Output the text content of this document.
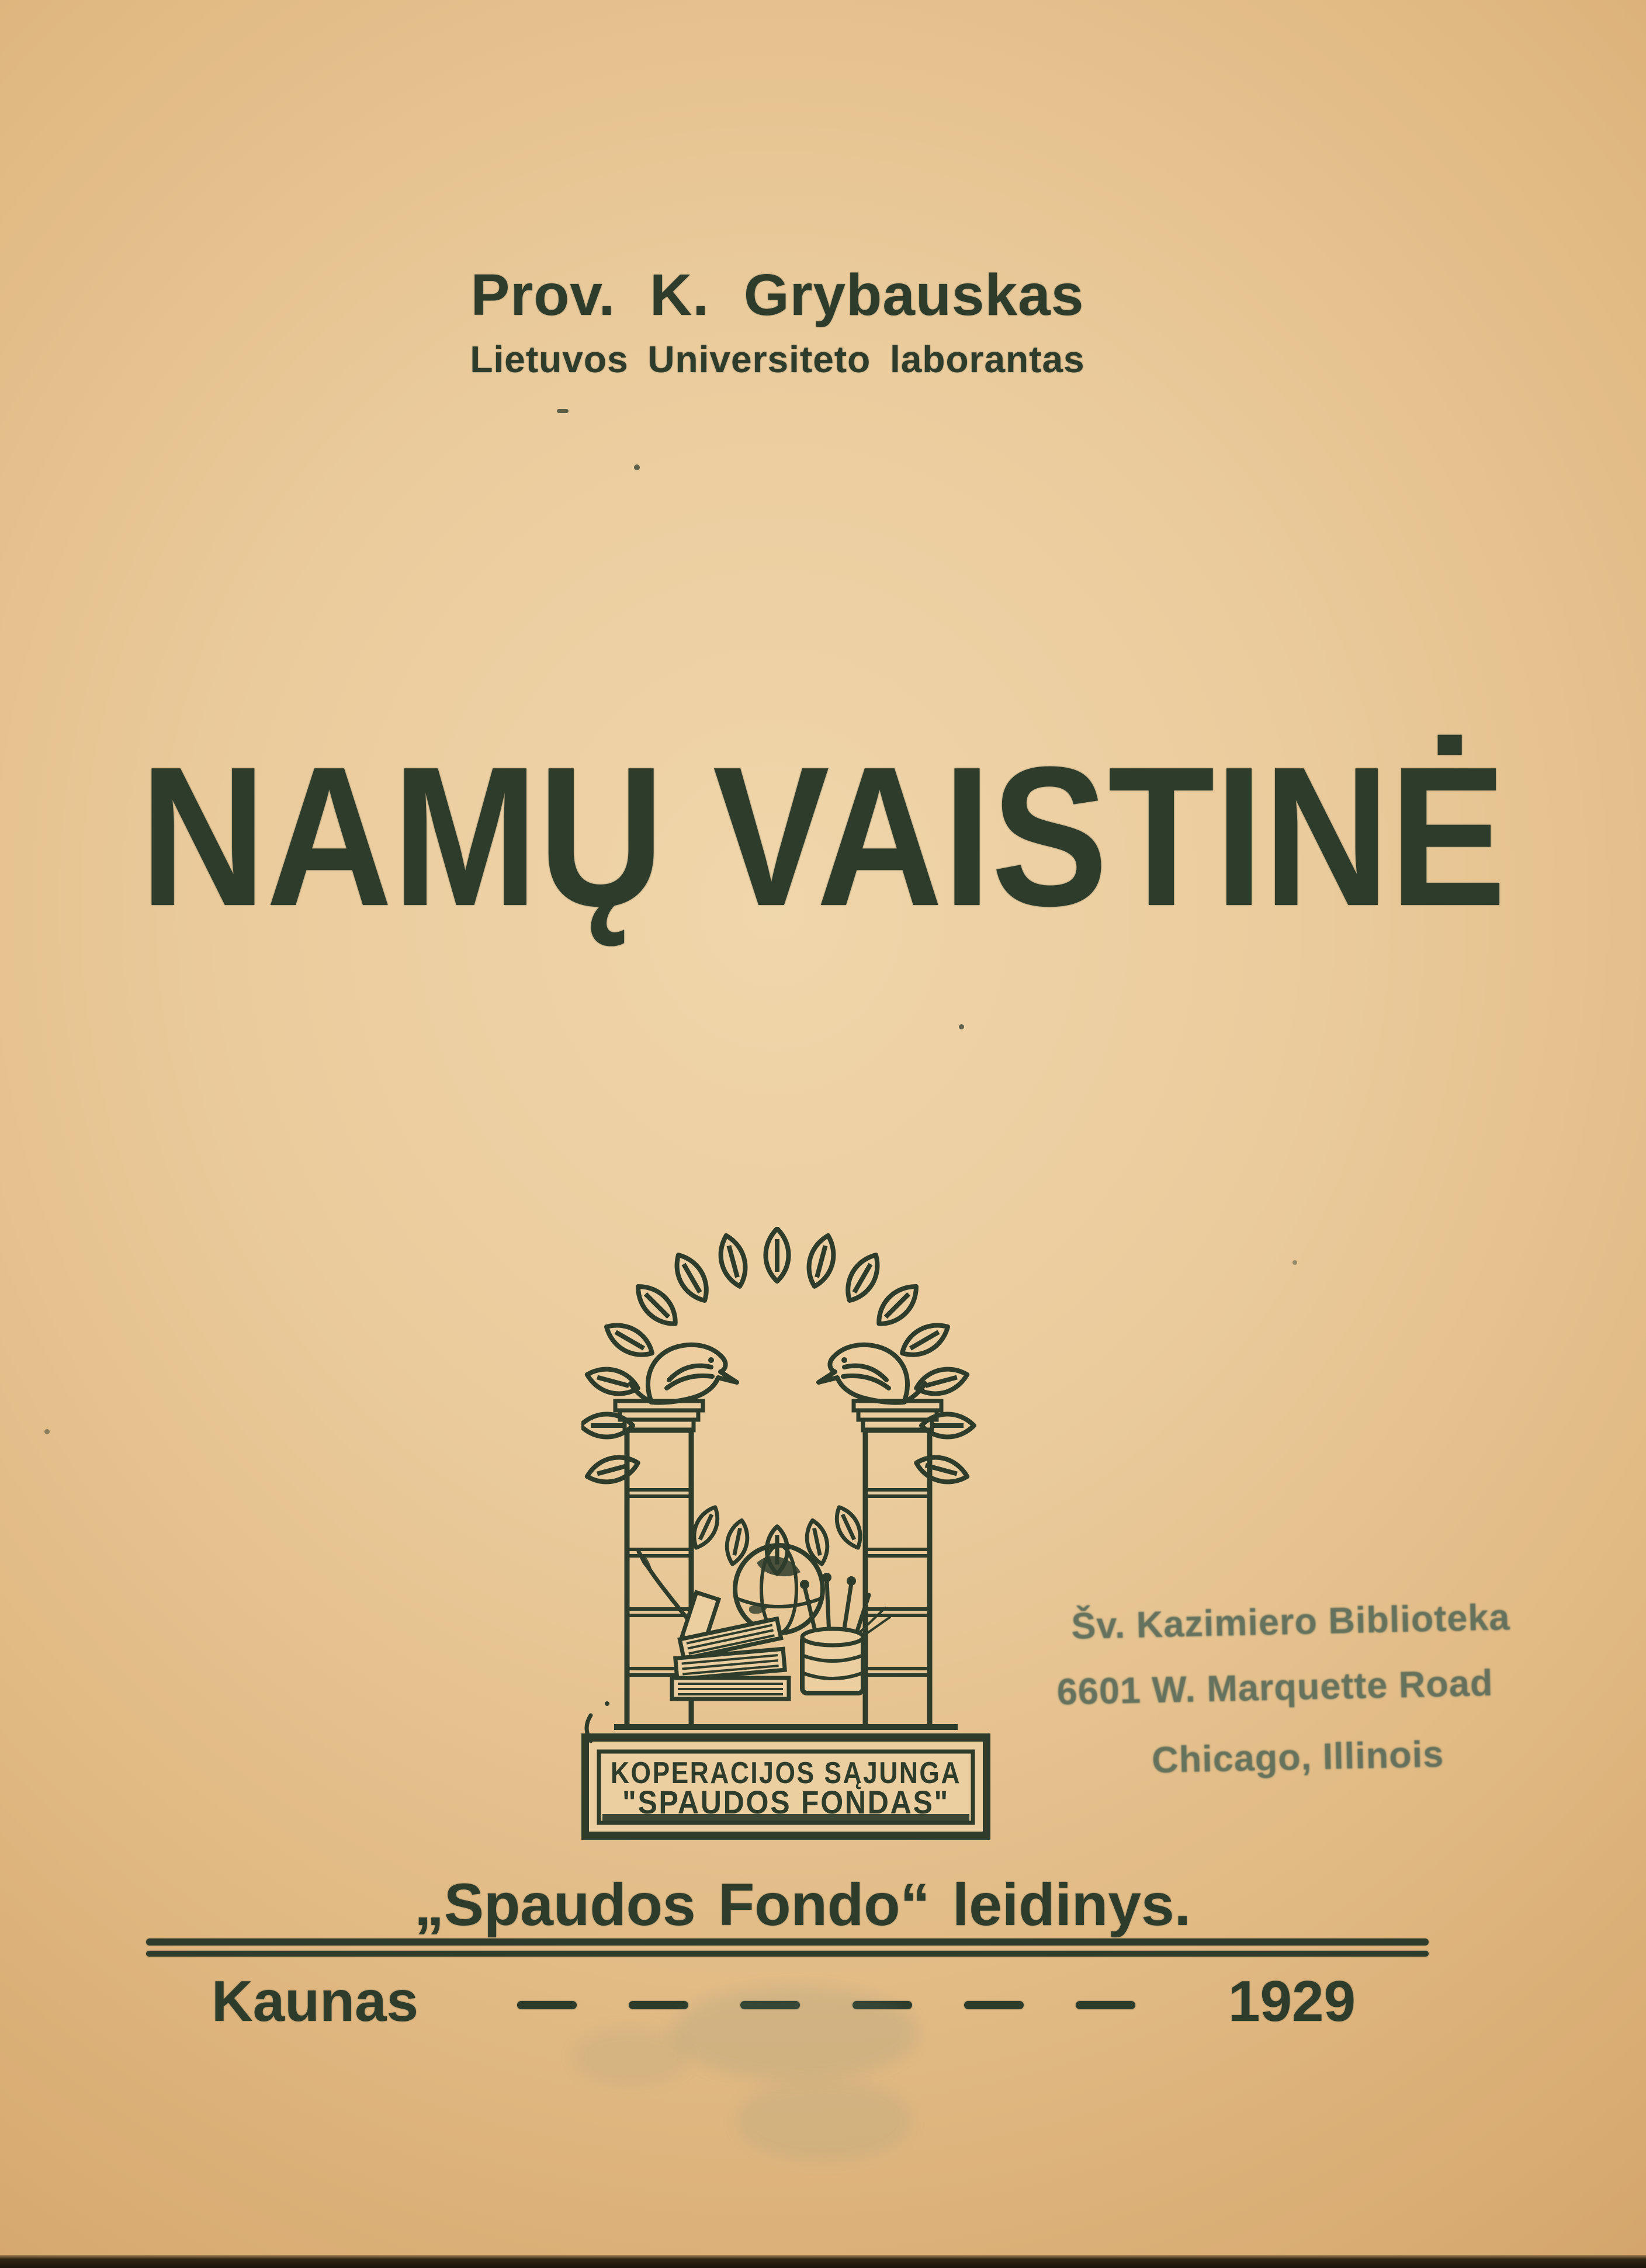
Prov. K. Grybauskas
Lietuvos Universiteto laborantas
NAMŲ VAISTINĖ
KOPERACIJOS SĄJUNGA
"SPAUDOS FONDAS"
Šv. Kazimiero Biblioteka
6601 W. Marquette Road
Chicago, Illinois
„Spaudos Fondo“ leidinys.
Kaunas	1929
